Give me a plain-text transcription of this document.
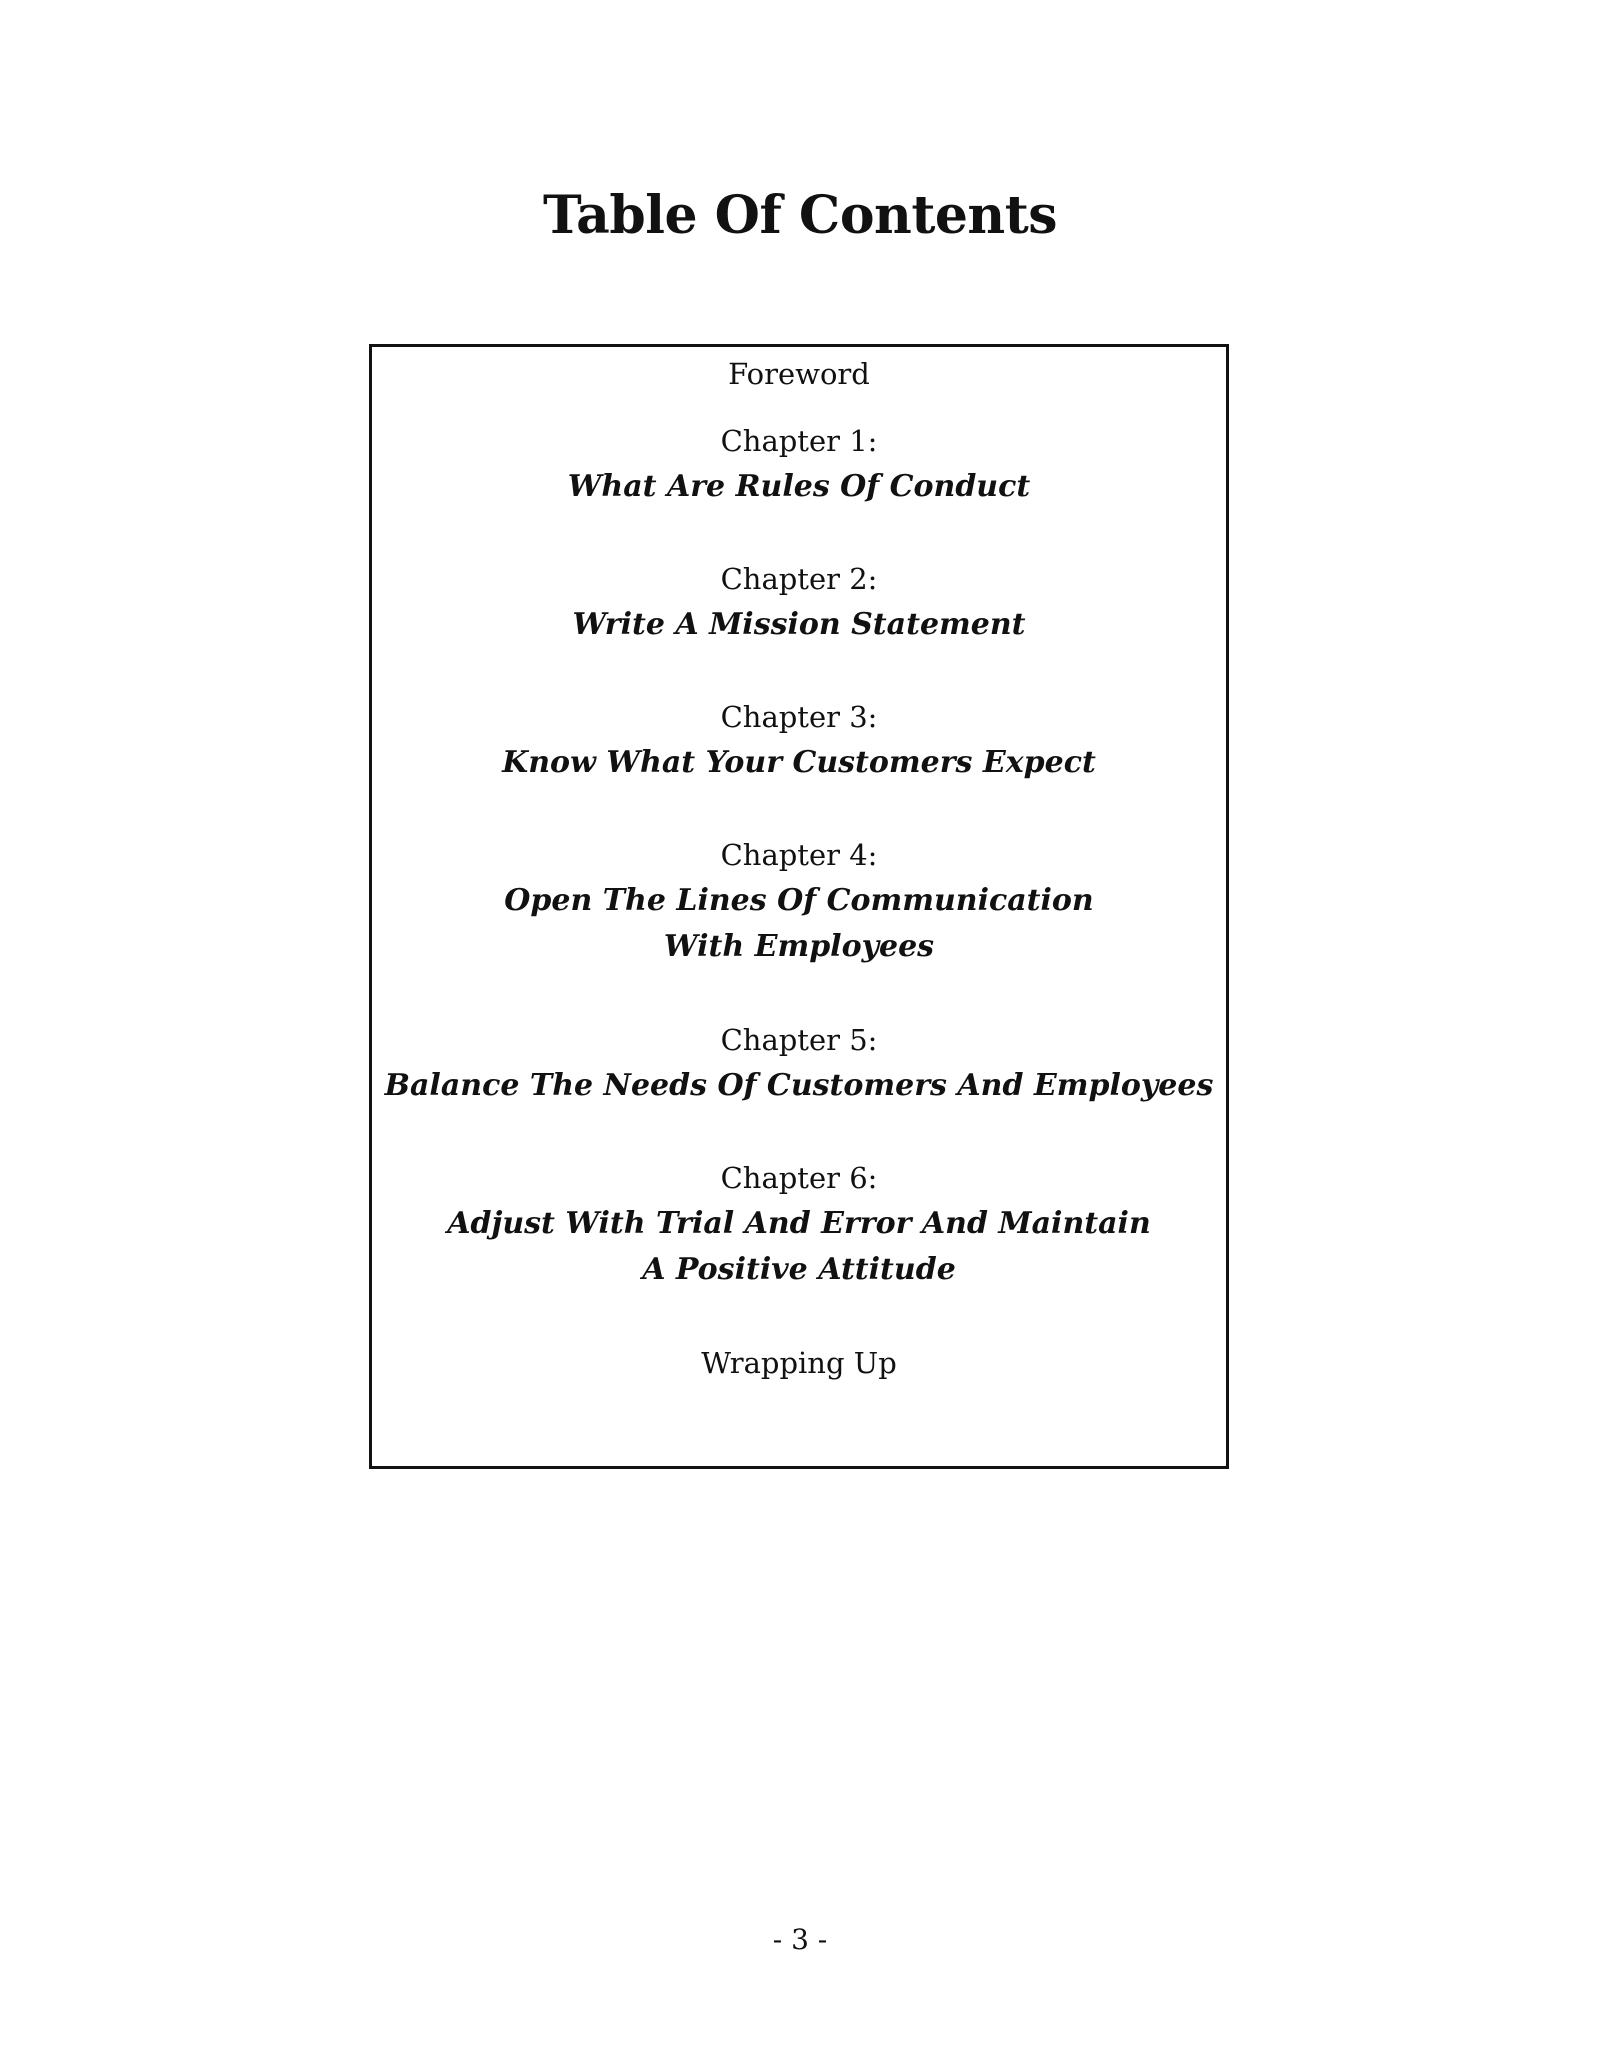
Table Of Contents
Foreword
Chapter 1:
What Are Rules Of Conduct
Chapter 2:
Write A Mission Statement
Chapter 3:
Know What Your Customers Expect
Chapter 4:
Open The Lines Of Communication With Employees
Chapter 5:
Balance The Needs Of Customers And Employees
Chapter 6:
Adjust With Trial And Error And Maintain A Positive Attitude
Wrapping Up
- 3 -
